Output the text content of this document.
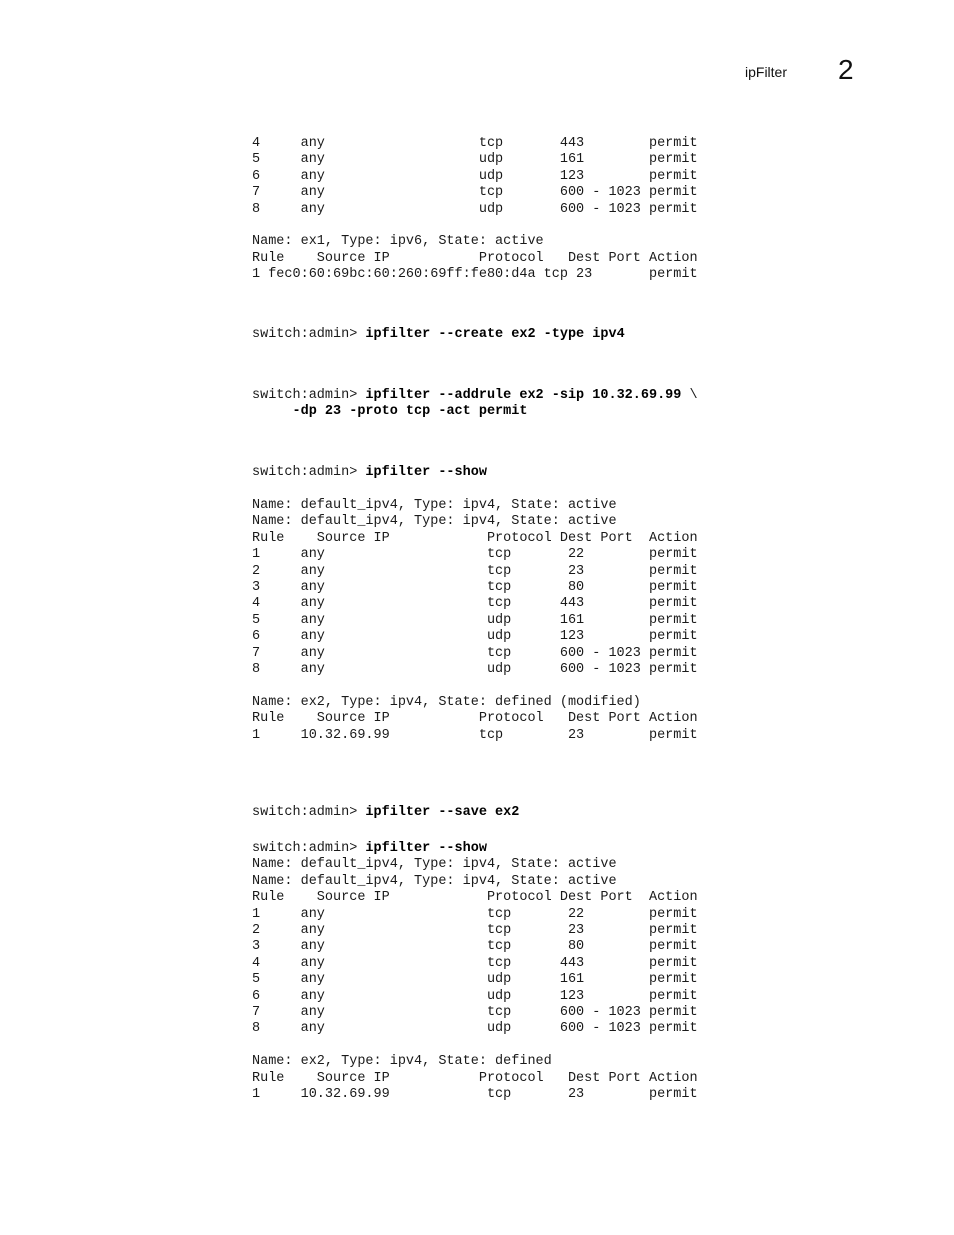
ipFilter 2
4     any                   tcp       443        permit
5     any                   udp       161        permit
6     any                   udp       123        permit
7     any                   tcp       600 - 1023 permit
8     any                   udp       600 - 1023 permit

Name: ex1, Type: ipv6, State: active
Rule    Source IP           Protocol   Dest Port Action
1 fec0:60:69bc:60:260:69ff:fe80:d4a tcp 23       permit
switch:admin> ipfilter --create ex2 -type ipv4
switch:admin> ipfilter --addrule ex2 -sip 10.32.69.99 \
-dp 23 -proto tcp -act permit
switch:admin> ipfilter --show
Name: default_ipv4, Type: ipv4, State: active
Name: default_ipv4, Type: ipv4, State: active
Rule    Source IP            Protocol Dest Port  Action
1     any                    tcp       22        permit
2     any                    tcp       23        permit
3     any                    tcp       80        permit
4     any                    tcp      443        permit
5     any                    udp      161        permit
6     any                    udp      123        permit
7     any                    tcp      600 - 1023 permit
8     any                    udp      600 - 1023 permit

Name: ex2, Type: ipv4, State: defined (modified)
Rule    Source IP           Protocol   Dest Port Action
1     10.32.69.99           tcp        23        permit
switch:admin> ipfilter --save ex2
switch:admin> ipfilter --show
Name: default_ipv4, Type: ipv4, State: active
Name: default_ipv4, Type: ipv4, State: active
Rule    Source IP            Protocol Dest Port  Action
1     any                    tcp       22        permit
2     any                    tcp       23        permit
3     any                    tcp       80        permit
4     any                    tcp      443        permit
5     any                    udp      161        permit
6     any                    udp      123        permit
7     any                    tcp      600 - 1023 permit
8     any                    udp      600 - 1023 permit

Name: ex2, Type: ipv4, State: defined
Rule    Source IP           Protocol   Dest Port Action
1     10.32.69.99            tcp       23        permit
